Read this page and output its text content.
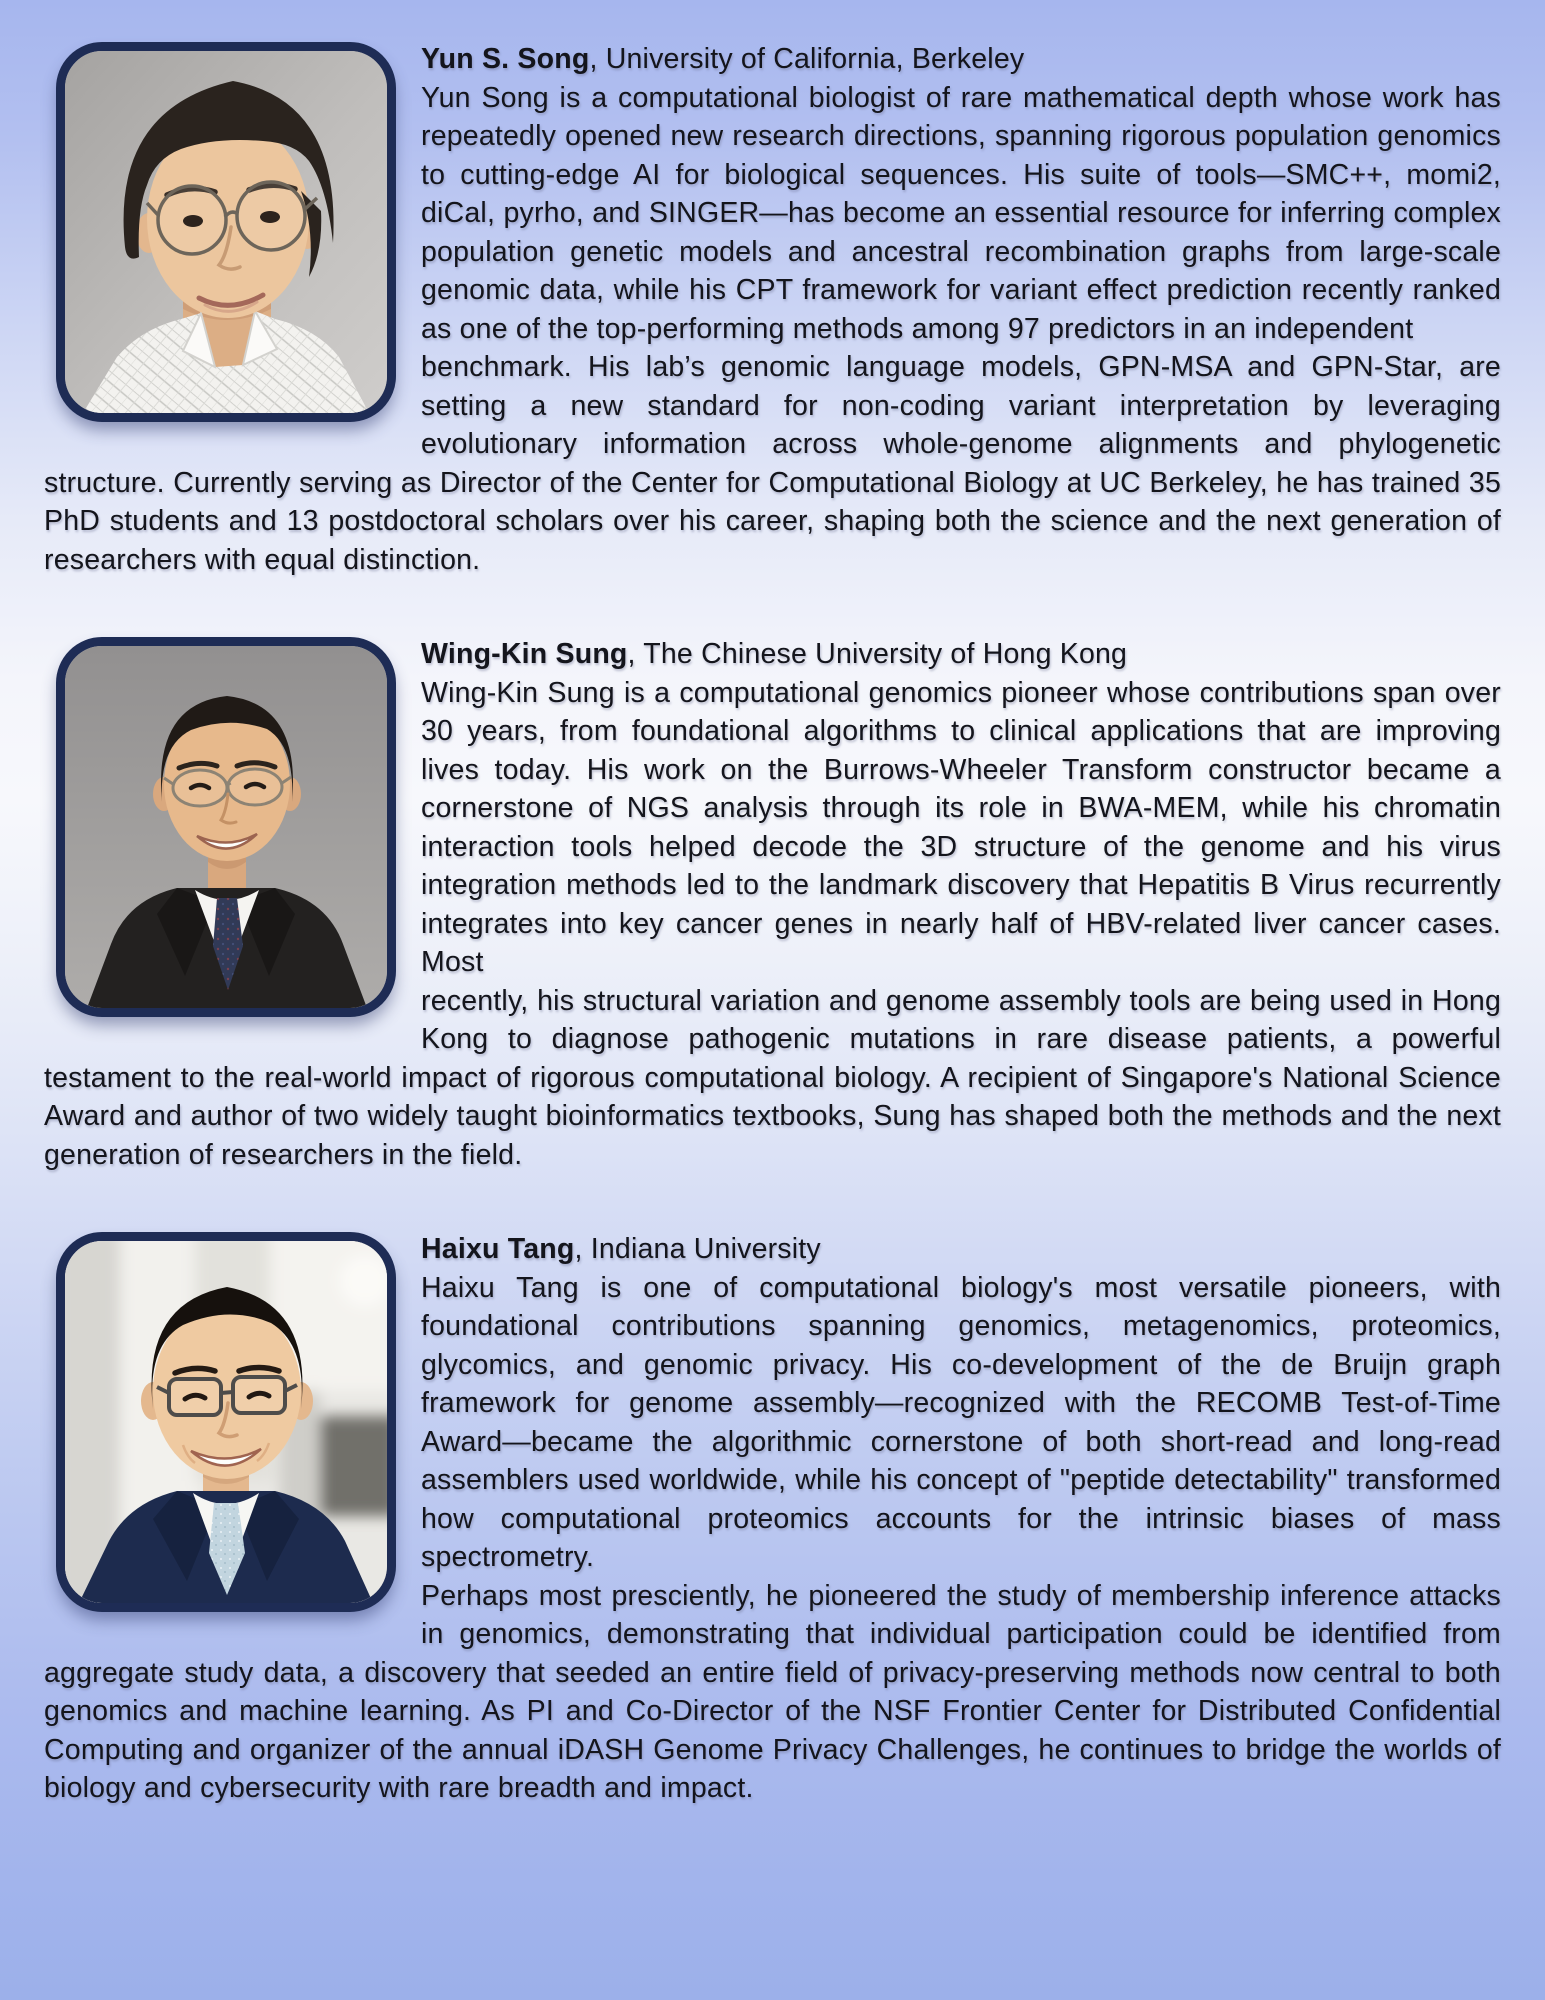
Yun S. Song, University of California, Berkeley
Yun Song is a computational biologist of rare mathematical depth whose work has repeatedly opened new research directions, spanning rigorous population genomics to cutting-edge AI for biological sequences. His suite of tools—SMC++, momi2, diCal, pyrho, and SINGER—has become an essential resource for inferring complex population genetic models and ancestral recombination graphs from large-scale genomic data, while his CPT framework for variant effect prediction recently ranked as one of the top-performing methods among 97 predictors in an independent
benchmark. His lab’s genomic language models, GPN-MSA and GPN-Star, are setting a new standard for non-coding variant interpretation by leveraging evolutionary information across whole-genome alignments and phylogenetic structure. Currently serving as Director of the Center for Computational Biology at UC Berkeley, he has trained 35 PhD students and 13 postdoctoral scholars over his career, shaping both the science and the next generation of researchers with equal distinction.

Wing-Kin Sung, The Chinese University of Hong Kong
Wing-Kin Sung is a computational genomics pioneer whose contributions span over 30 years, from foundational algorithms to clinical applications that are improving lives today. His work on the Burrows-Wheeler Transform constructor became a cornerstone of NGS analysis through its role in BWA-MEM, while his chromatin interaction tools helped decode the 3D structure of the genome and his virus integration methods led to the landmark discovery that Hepatitis B Virus recurrently integrates into key cancer genes in nearly half of HBV-related liver cancer cases. Most
recently, his structural variation and genome assembly tools are being used in Hong Kong to diagnose pathogenic mutations in rare disease patients, a powerful testament to the real-world impact of rigorous computational biology. A recipient of Singapore's National Science Award and author of two widely taught bioinformatics textbooks, Sung has shaped both the methods and the next generation of researchers in the field.

Haixu Tang, Indiana University
Haixu Tang is one of computational biology's most versatile pioneers, with foundational contributions spanning genomics, metagenomics, proteomics, glycomics, and genomic privacy. His co-development of the de Bruijn graph framework for genome assembly—recognized with the RECOMB Test-of-Time Award—became the algorithmic cornerstone of both short-read and long-read assemblers used worldwide, while his concept of "peptide detectability" transformed how computational proteomics accounts for the intrinsic biases of mass spectrometry.
Perhaps most presciently, he pioneered the study of membership inference attacks in genomics, demonstrating that individual participation could be identified from aggregate study data, a discovery that seeded an entire field of privacy-preserving methods now central to both genomics and machine learning. As PI and Co-Director of the NSF Frontier Center for Distributed Confidential Computing and organizer of the annual iDASH Genome Privacy Challenges, he continues to bridge the worlds of biology and cybersecurity with rare breadth and impact.
